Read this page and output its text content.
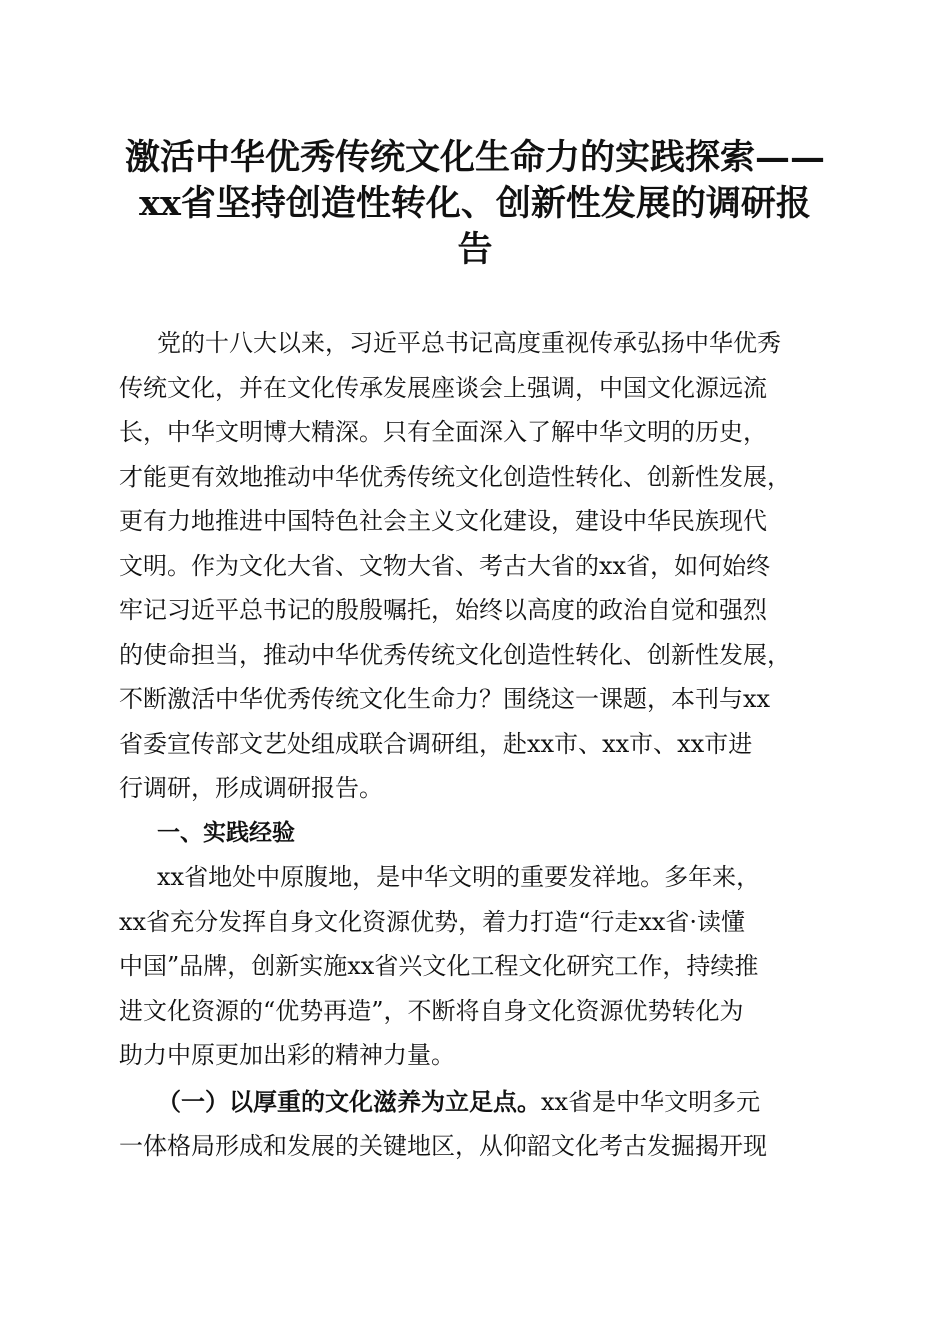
激活中华优秀传统文化生命力的实践探索——
xx省坚持创造性转化、创新性发展的调研报
告
党的十八大以来，习近平总书记高度重视传承弘扬中华优秀
传统文化，并在文化传承发展座谈会上强调，中国文化源远流
长，中华文明博大精深。只有全面深入了解中华文明的历史，
才能更有效地推动中华优秀传统文化创造性转化、创新性发展，
更有力地推进中国特色社会主义文化建设，建设中华民族现代
文明。作为文化大省、文物大省、考古大省的xx省，如何始终
牢记习近平总书记的殷殷嘱托，始终以高度的政治自觉和强烈
的使命担当，推动中华优秀传统文化创造性转化、创新性发展，
不断激活中华优秀传统文化生命力？围绕这一课题，本刊与xx
省委宣传部文艺处组成联合调研组，赴xx市、xx市、xx市进
行调研，形成调研报告。
一、实践经验
xx省地处中原腹地，是中华文明的重要发祥地。多年来，
xx省充分发挥自身文化资源优势，着力打造“行走xx省·读懂
中国”品牌，创新实施xx省兴文化工程文化研究工作，持续推
进文化资源的“优势再造”，不断将自身文化资源优势转化为
助力中原更加出彩的精神力量。
（一）以厚重的文化滋养为立足点。xx省是中华文明多元
一体格局形成和发展的关键地区，从仰韶文化考古发掘揭开现
